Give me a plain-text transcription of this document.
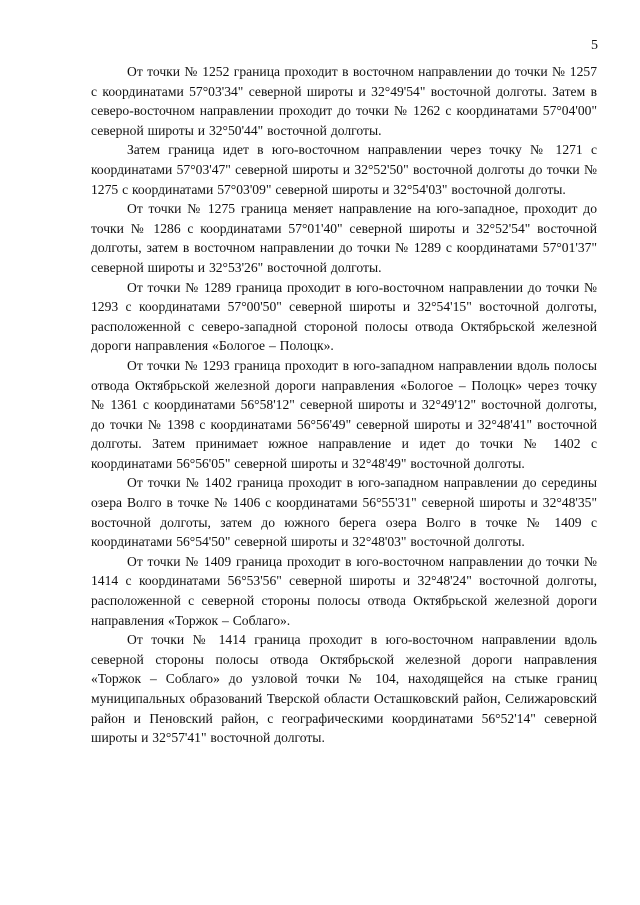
5

От точки № 1252 граница проходит в восточном направлении до точки № 1257 с координатами 57°03'34" северной широты и 32°49'54" восточной долготы. Затем в северо-восточном направлении проходит до точки № 1262 с координатами 57°04'00" северной широты и 32°50'44" восточной долготы.

Затем граница идет в юго-восточном направлении через точку № 1271 с координатами 57°03'47" северной широты и 32°52'50" восточной долготы до точки № 1275 с координатами 57°03'09" северной широты и 32°54'03" восточной долготы.

От точки № 1275 граница меняет направление на юго-западное, проходит до точки № 1286 с координатами 57°01'40" северной широты и 32°52'54" восточной долготы, затем в восточном направлении до точки № 1289 с координатами 57°01'37" северной широты и 32°53'26" восточной долготы.

От точки № 1289 граница проходит в юго-восточном направлении до точки № 1293 с координатами 57°00'50" северной широты и 32°54'15" восточной долготы, расположенной с северо-западной стороной полосы отвода Октябрьской железной дороги направления «Бологое – Полоцк».

От точки № 1293 граница проходит в юго-западном направлении вдоль полосы отвода Октябрьской железной дороги направления «Бологое – Полоцк» через точку № 1361 с координатами 56°58'12" северной широты и 32°49'12" восточной долготы, до точки № 1398 с координатами 56°56'49" северной широты и 32°48'41" восточной долготы. Затем принимает южное направление и идет до точки № 1402 с координатами 56°56'05" северной широты и 32°48'49" восточной долготы.

От точки № 1402 граница проходит в юго-западном направлении до середины озера Волго в точке № 1406 с координатами 56°55'31" северной широты и 32°48'35" восточной долготы, затем до южного берега озера Волго в точке № 1409 с координатами 56°54'50" северной широты и 32°48'03" восточной долготы.

От точки № 1409 граница проходит в юго-восточном направлении до точки № 1414 с координатами 56°53'56" северной широты и 32°48'24" восточной долготы, расположенной с северной стороны полосы отвода Октябрьской железной дороги направления «Торжок – Соблаго».

От точки № 1414 граница проходит в юго-восточном направлении вдоль северной стороны полосы отвода Октябрьской железной дороги направления «Торжок – Соблаго» до узловой точки № 104, находящейся на стыке границ муниципальных образований Тверской области Осташковский район, Селижаровский район и Пеновский район, с географическими координатами 56°52'14" северной широты и 32°57'41" восточной долготы.
